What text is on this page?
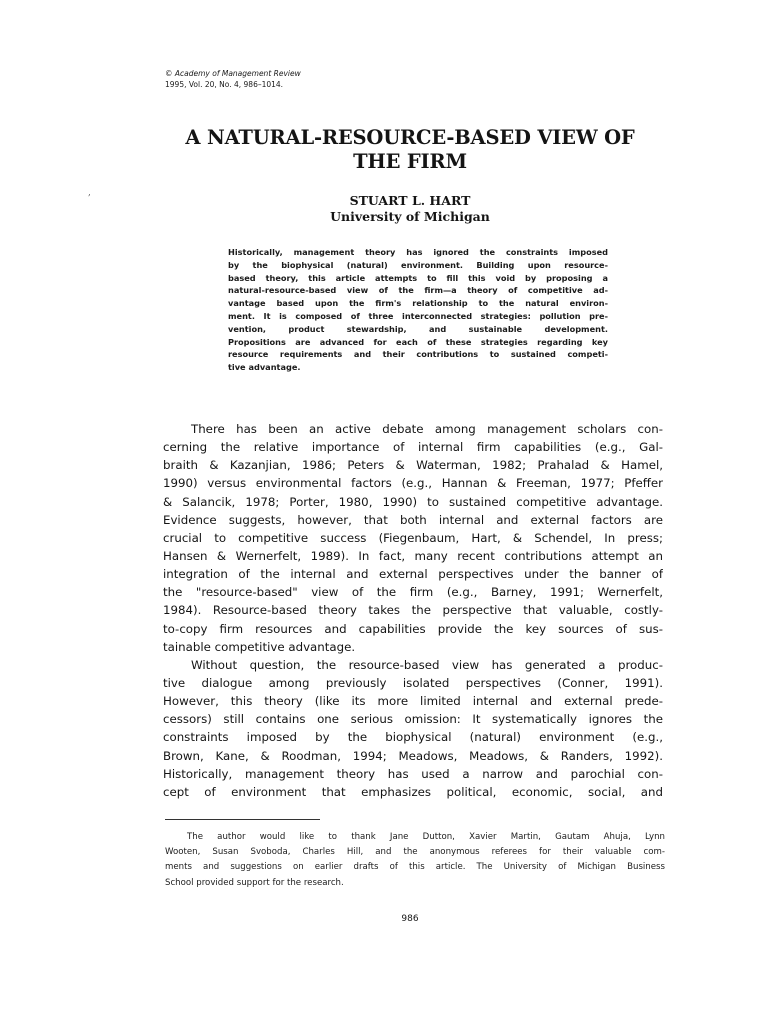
© Academy of Management Review
1995, Vol. 20, No. 4, 986–1014.
A NATURAL-RESOURCE-BASED VIEW OF
THE FIRM
,	STUART L. HART
University of Michigan
Historically, management theory has ignored the constraints imposed
by the biophysical (natural) environment. Building upon resource-
based theory, this article attempts to fill this void by proposing a
natural-resource-based view of the firm—a theory of competitive ad-
vantage based upon the firm's relationship to the natural environ-
ment. It is composed of three interconnected strategies: pollution pre-
vention, product stewardship, and sustainable development.
Propositions are advanced for each of these strategies regarding key
resource requirements and their contributions to sustained competi-
tive advantage.
There has been an active debate among management scholars con-
cerning the relative importance of internal firm capabilities (e.g., Gal-
braith & Kazanjian, 1986; Peters & Waterman, 1982; Prahalad & Hamel,
1990) versus environmental factors (e.g., Hannan & Freeman, 1977; Pfeffer
& Salancik, 1978; Porter, 1980, 1990) to sustained competitive advantage.
Evidence suggests, however, that both internal and external factors are
crucial to competitive success (Fiegenbaum, Hart, & Schendel, In press;
Hansen & Wernerfelt, 1989). In fact, many recent contributions attempt an
integration of the internal and external perspectives under the banner of
the "resource-based" view of the firm (e.g., Barney, 1991; Wernerfelt,
1984). Resource-based theory takes the perspective that valuable, costly-
to-copy firm resources and capabilities provide the key sources of sus-
tainable competitive advantage.
Without question, the resource-based view has generated a produc-
tive dialogue among previously isolated perspectives (Conner, 1991).
However, this theory (like its more limited internal and external prede-
cessors) still contains one serious omission: It systematically ignores the
constraints imposed by the biophysical (natural) environment (e.g.,
Brown, Kane, & Roodman, 1994; Meadows, Meadows, & Randers, 1992).
Historically, management theory has used a narrow and parochial con-
cept of environment that emphasizes political, economic, social, and
The author would like to thank Jane Dutton, Xavier Martin, Gautam Ahuja, Lynn
Wooten, Susan Svoboda, Charles Hill, and the anonymous referees for their valuable com-
ments and suggestions on earlier drafts of this article. The University of Michigan Business
School provided support for the research.
986
